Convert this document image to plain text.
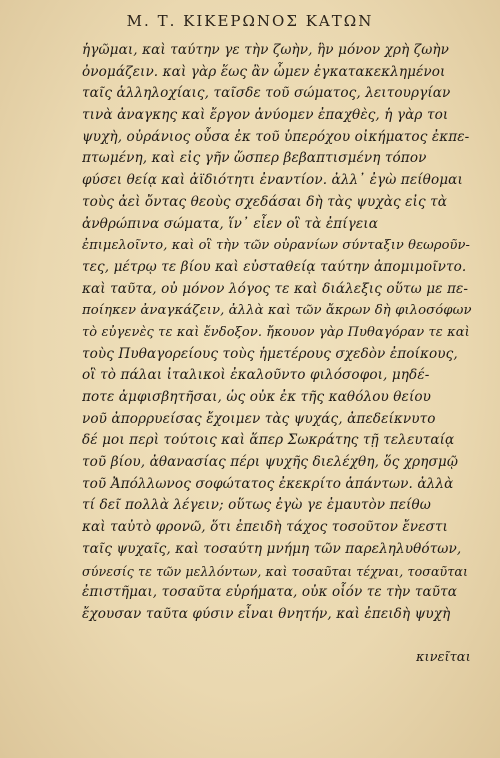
Μ. Τ. ΚΙΚΕΡΩΝΟΣ ΚΑΤΩΝ
ἡγῶμαι, καὶ ταύτην γε τὴν ζωὴν, ἣν μόνον χρὴ ζωὴν
ὀνομάζειν. καὶ γὰρ ἕως ἂν ὦμεν ἐγκατακεκλημένοι
ταῖς ἁλληλοχίαις, ταῖσδε τοῦ σώματος, λειτουργίαν
τινὰ ἀναγκης καὶ ἔργον ἀνύομεν ἐπαχθὲς, ἡ γὰρ τοι
ψυχὴ, οὐράνιος οὖσα ἐκ τοῦ ὑπερόχου οἰκήματος ἐκπε-
πτωμένη, καὶ εἰς γῆν ὥσπερ βεβαπτισμένη τόπον
φύσει θείᾳ καὶ ἀϊδιότητι ἐναντίον. ἀλλ᾽ ἐγὼ πείθομαι
τοὺς ἀεὶ ὄντας θεοὺς σχεδάσαι δὴ τὰς ψυχὰς εἰς τὰ
ἀνθρώπινα σώματα, ἵν᾽ εἶεν οἳ τὰ ἐπίγεια
ἐπιμελοῖντο, καὶ οἳ τὴν τῶν οὐρανίων σύνταξιν θεωροῦν-
τες, μέτρῳ τε βίου καὶ εὐσταθείᾳ ταύτην ἀπομιμοῖντο.
καὶ ταῦτα, οὐ μόνον λόγος τε καὶ διάλεξις οὕτω με πε-
ποίηκεν ἀναγκάζειν, ἀλλὰ καὶ τῶν ἄκρων δὴ φιλοσόφων
τὸ εὐγενὲς τε καὶ ἔνδοξον. ἤκουον γὰρ Πυθαγόραν τε καὶ
τοὺς Πυθαγορείους τοὺς ἡμετέρους σχεδὸν ἐποίκους,
οἳ τὸ πάλαι ἰταλικοὶ ἐκαλοῦντο φιλόσοφοι, μηδέ-
ποτε ἀμφισβητῆσαι, ὡς οὐκ ἐκ τῆς καθόλου θείου
νοῦ ἀπορρυείσας ἔχοιμεν τὰς ψυχάς, ἀπεδείκνυτο
δέ μοι περὶ τούτοις καὶ ἅπερ Σωκράτης τῇ τελευταίᾳ
τοῦ βίου, ἀθανασίας πέρι ψυχῆς διελέχθη, ὅς χρησμῷ
τοῦ Ἀπόλλωνος σοφώτατος ἐκεκρίτο ἁπάντων. ἀλλὰ
τί δεῖ πολλὰ λέγειν; οὕτως ἐγὼ γε ἐμαυτὸν πείθω
καὶ ταὐτὸ φρονῶ, ὅτι ἐπειδὴ τάχος τοσοῦτον ἔνεστι
ταῖς ψυχαῖς, καὶ τοσαύτη μνήμη τῶν παρεληλυθότων,
σύνεσίς τε τῶν μελλόντων, καὶ τοσαῦται τέχναι, τοσαῦται
ἐπιστῆμαι, τοσαῦτα εὑρήματα, οὐκ οἷόν τε τὴν ταῦτα
ἔχουσαν ταῦτα φύσιν εἶναι θνητήν, καὶ ἐπειδὴ ψυχὴ
κινεῖται
